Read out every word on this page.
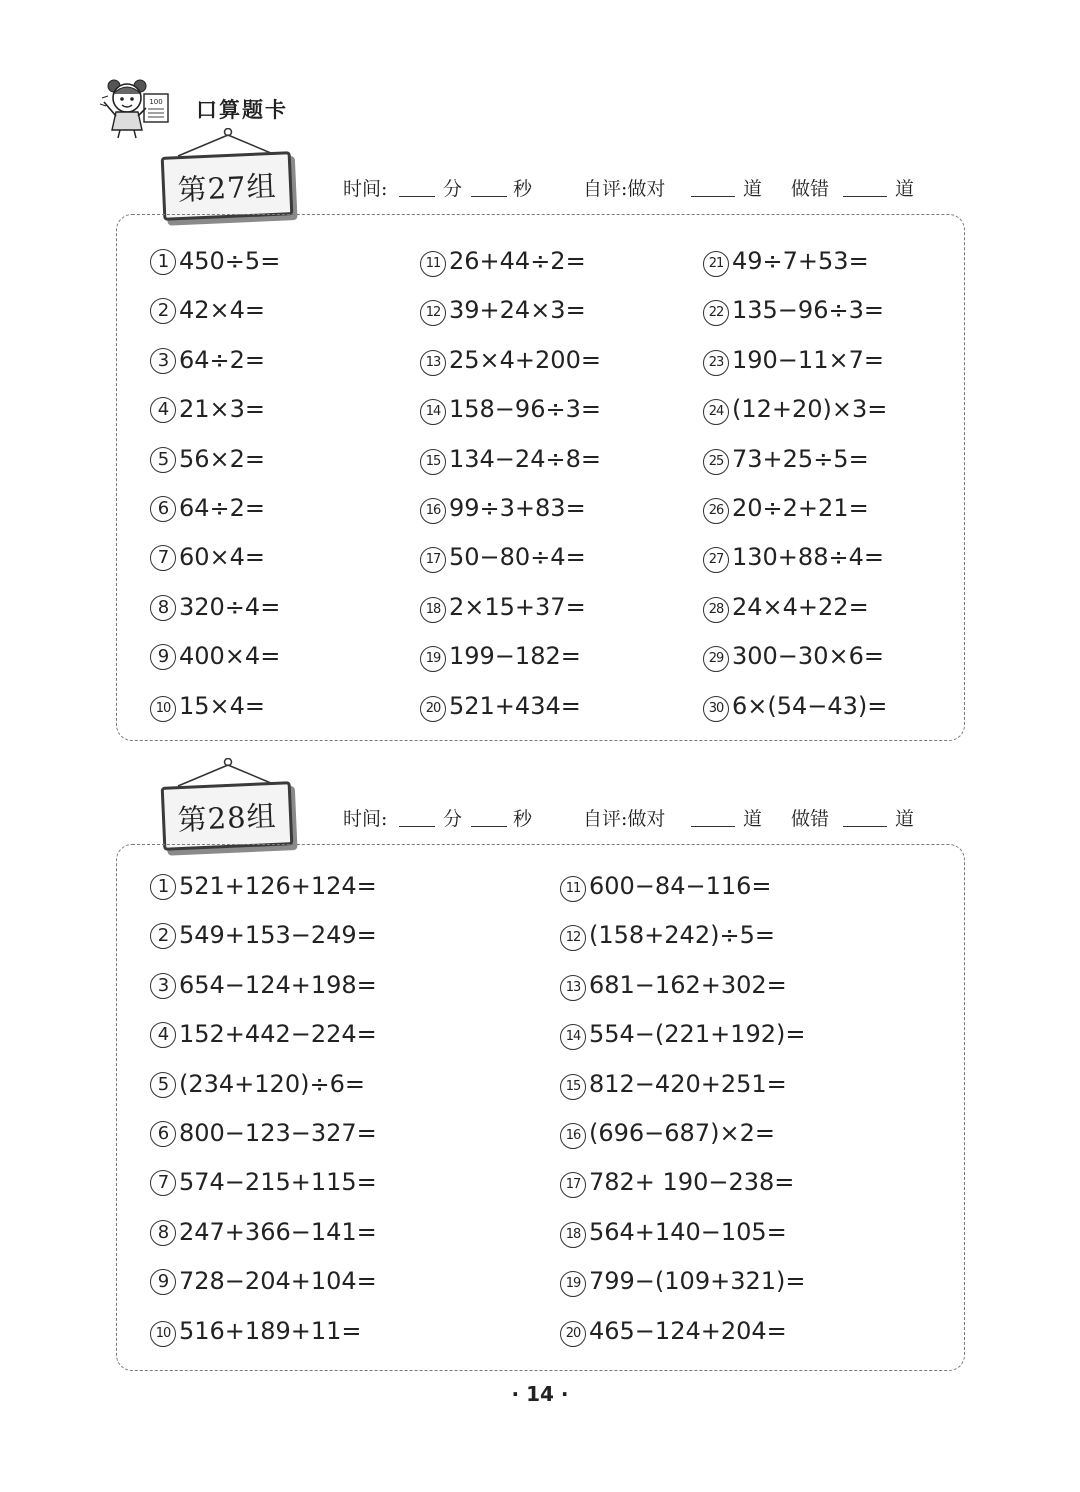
100 口算题卡
第27组	时间:	分	秒	自评:做对	道 做错	道
1 450÷5=
2 42×4=
3 64÷2=
4 21×3=
5 56×2=
6 64÷2=
7 60×4=
8 320÷4=
9 400×4=
10 15×4=
11 26+44÷2=
12 39+24×3=
13 25×4+200=
14 158−96÷3=
15 134−24÷8=
16 99÷3+83=
17 50−80÷4=
18 2×15+37=
19 199−182=
20 521+434=
21 49÷7+53=
22 135−96÷3=
23 190−11×7=
24 (12+20)×3=
25 73+25÷5=
26 20÷2+21=
27 130+88÷4=
28 24×4+22=
29 300−30×6=
30 6×(54−43)=
第28组	时间:	分	秒	自评:做对	道 做错	道
1 521+126+124=
2 549+153−249=
3 654−124+198=
4 152+442−224=
5 (234+120)÷6=
6 800−123−327=
7 574−215+115=
8 247+366−141=
9 728−204+104=
10 516+189+11=
11 600−84−116=
12 (158+242)÷5=
13 681−162+302=
14 554−(221+192)=
15 812−420+251=
16 (696−687)×2=
17 782+ 190−238=
18 564+140−105=
19 799−(109+321)=
20 465−124+204=
· 14 ·
